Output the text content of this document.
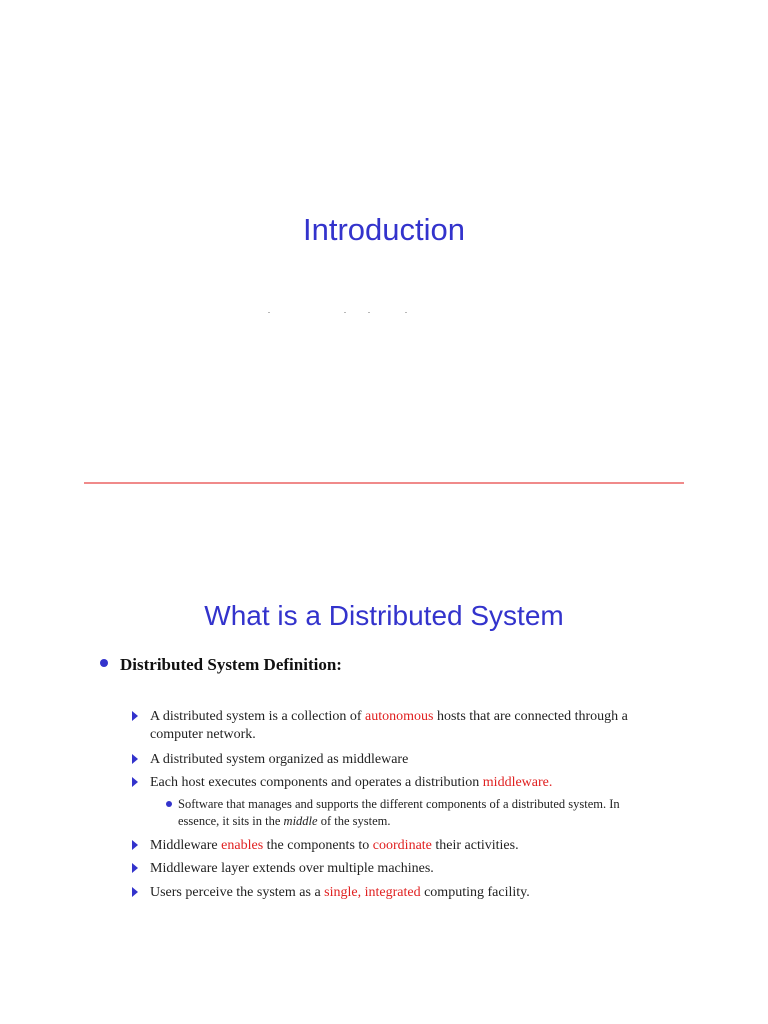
Introduction
What is a Distributed System
Distributed System Definition:
A distributed system is a collection of autonomous hosts that are connected through a computer network.
A distributed system organized as middleware
Each host executes components and operates a distribution middleware.
Software that manages and supports the different components of a distributed system. In essence, it sits in the middle of the system.
Middleware enables the components to coordinate their activities.
Middleware layer extends over multiple machines.
Users perceive the system as a single, integrated computing facility.
